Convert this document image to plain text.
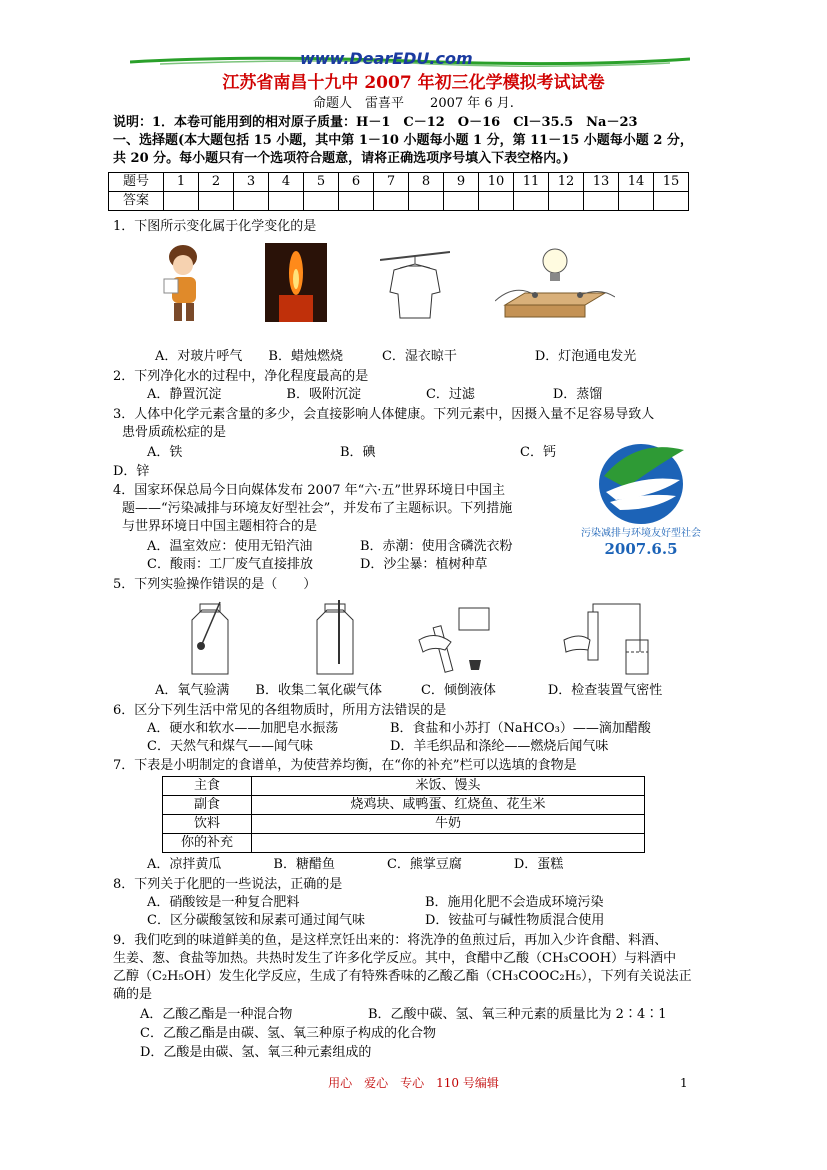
www.DearEDU.com
江苏省南昌十九中 2007 年初三化学模拟考试试卷
命题人　雷喜平　　2007 年 6 月.
说明：1．本卷可能用到的相对原子质量：H－1　C－12　O－16　Cl－35.5　Na－23
一、选择题(本大题包括 15 小题，其中第 1－10 小题每小题 1 分，第 11－15 小题每小题 2 分，
共 20 分。每小题只有一个选项符合题意，请将正确选项序号填入下表空格内。)
题号	1	2	3	4	5	6	7	8	9	10	11	12	13	14	15
答案															
1．下图所示变化属于化学变化的是
A．对玻片呼气　　B．蜡烛燃烧　　　C．湿衣晾干　　　　　　D．灯泡通电发光
2．下列净化水的过程中，净化程度最高的是
A．静置沉淀　　　　　B．吸附沉淀　　　　　C．过滤　　　　　　D．蒸馏
3．人体中化学元素含量的多少，会直接影响人体健康。下列元素中，因摄入量不足容易导致人
患骨质疏松症的是
A．铁	B．碘	C．钙
D．锌
污染减排与环境友好型社会
2007.6.5
4．国家环保总局今日向媒体发布 2007 年“六·五”世界环境日中国主
题——“污染减排与环境友好型社会”，并发布了主题标识。下列措施
与世界环境日中国主题相符合的是
A．温室效应：使用无铅汽油	B．赤潮：使用含磷洗衣粉
C．酸雨：工厂废气直接排放	D．沙尘暴：植树种草
5．下列实验操作错误的是（　　）
A．氧气验满　　B．收集二氧化碳气体　　　C．倾倒液体　　　　D．检查装置气密性
6．区分下列生活中常见的各组物质时，所用方法错误的是
A．硬水和软水——加肥皂水振荡	B．食盐和小苏打（NaHCO₃）——滴加醋酸
C．天然气和煤气——闻气味	D．羊毛织品和涤纶——燃烧后闻气味
7．下表是小明制定的食谱单，为使营养均衡，在“你的补充”栏可以选填的食物是
主食	米饭、馒头
副食	烧鸡块、咸鸭蛋、红烧鱼、花生米
饮料	牛奶
你的补充	
A．凉拌黄瓜　　　　B．糖醋鱼　　　　C．熊掌豆腐　　　　D．蛋糕
8．下列关于化肥的一些说法，正确的是
A．硝酸铵是一种复合肥料	B．施用化肥不会造成环境污染
C．区分碳酸氢铵和尿素可通过闻气味	D．铵盐可与碱性物质混合使用
9．我们吃到的味道鲜美的鱼，是这样烹饪出来的：将洗净的鱼煎过后，再加入少许食醋、料酒、
生姜、葱、食盐等加热。共热时发生了许多化学反应。其中，食醋中乙酸（CH₃COOH）与料酒中
乙醇（C₂H₅OH）发生化学反应，生成了有特殊香味的乙酸乙酯（CH₃COOC₂H₅），下列有关说法正
确的是
A．乙酸乙酯是一种混合物	B．乙酸中碳、氢、氧三种元素的质量比为 2∶4∶1
C．乙酸乙酯是由碳、氢、氧三种原子构成的化合物
D．乙酸是由碳、氢、氧三种元素组成的
用心　爱心　专心　110 号编辑	1
